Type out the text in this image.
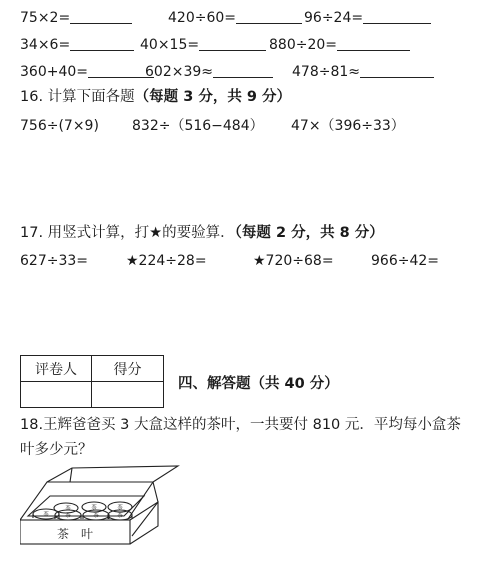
75×2=	420÷60=	96÷24=
34×6=	40×15=	880÷20=
360+40=	602×39≈	478÷81≈
16. 计算下面各题（每题 3 分，共 9 分）
756÷(7×9) 832÷（516−484） 47×（396÷33）
17. 用竖式计算，打★的要验算．（每题 2 分，共 8 分）
627÷33=	★224÷28=	★720÷68=	966÷42=
评卷人	得分

四、解答题（共 40 分）
18.王辉爸爸买 3 大盒这样的茶叶，一共要付 810 元．平均每小盒茶叶多少元？
茶
茶	茶	茶
茶	茶	茶
茶　叶
